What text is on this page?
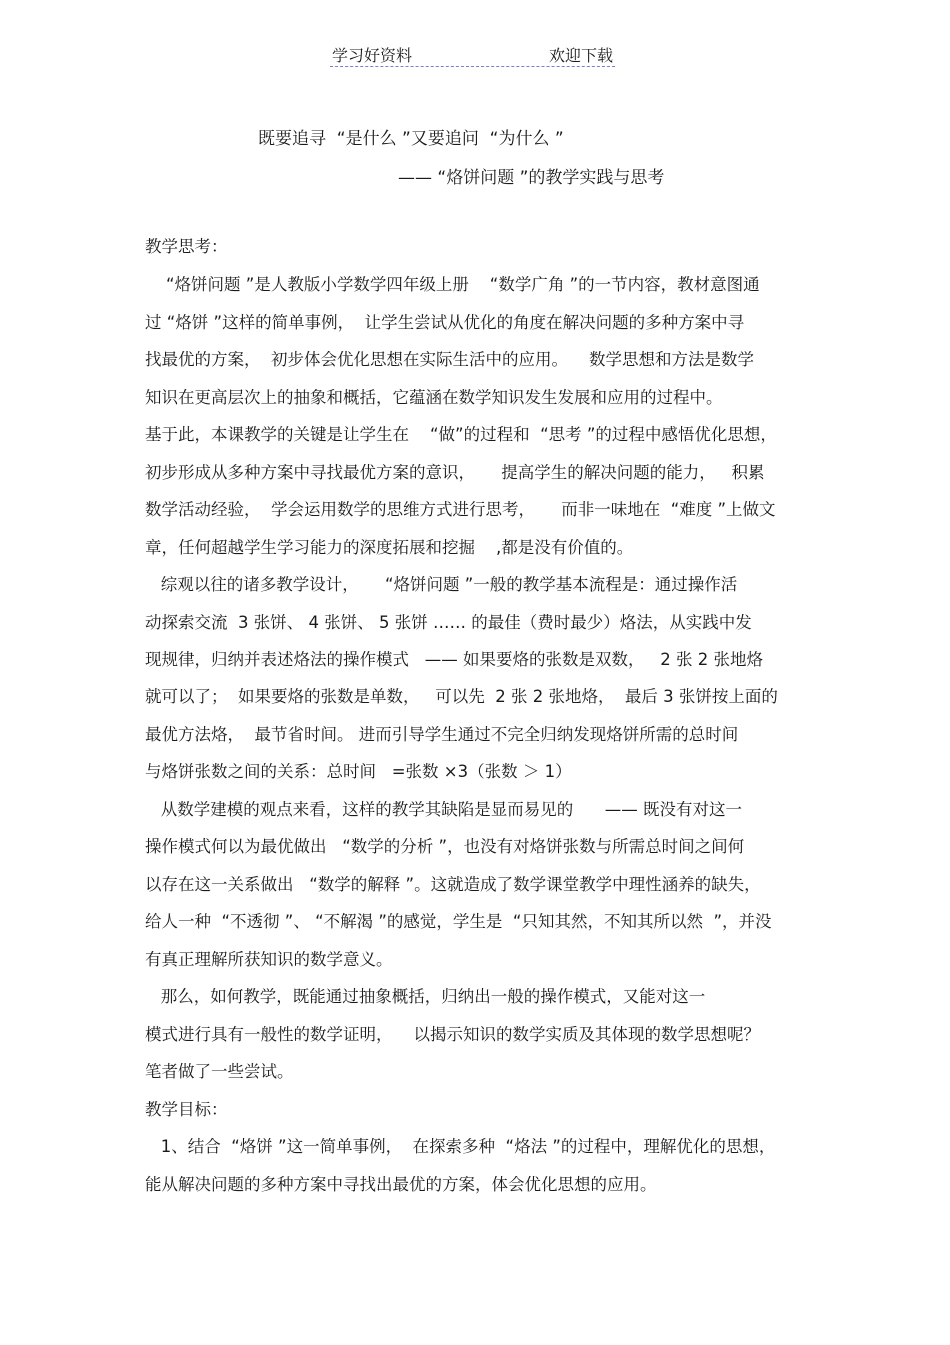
学习好资料	欢迎下载
既要追寻  “是什么 ”又要追问  “为什么 ”
—— “烙饼问题 ”的教学实践与思考
教学思考：
“烙饼问题 ”是人教版小学数学四年级上册    “数学广角 ”的一节内容，教材意图通
过 “烙饼 ”这样的简单事例，  让学生尝试从优化的角度在解决问题的多种方案中寻
找最优的方案，  初步体会优化思想在实际生活中的应用。    数学思想和方法是数学
知识在更高层次上的抽象和概括，它蕴涵在数学知识发生发展和应用的过程中。
基于此，本课教学的关键是让学生在    “做”的过程和  “思考 ”的过程中感悟优化思想，
初步形成从多种方案中寻找最优方案的意识，     提高学生的解决问题的能力，   积累
数学活动经验，  学会运用数学的思维方式进行思考，     而非一味地在  “难度 ”上做文
章，任何超越学生学习能力的深度拓展和挖掘    ,都是没有价值的。
综观以往的诸多教学设计，     “烙饼问题 ”一般的教学基本流程是：通过操作活
动探索交流  3 张饼、 4 张饼、 5 张饼 …… 的最佳（费时最少）烙法，从实践中发
现规律，归纳并表述烙法的操作模式   —— 如果要烙的张数是双数，   2 张 2 张地烙
就可以了；  如果要烙的张数是单数，   可以先  2 张 2 张地烙，  最后 3 张饼按上面的
最优方法烙，  最节省时间。 进而引导学生通过不完全归纳发现烙饼所需的总时间
与烙饼张数之间的关系：总时间   =张数 ×3（张数 ＞ 1）
从数学建模的观点来看，这样的教学其缺陷是显而易见的      —— 既没有对这一
操作模式何以为最优做出   “数学的分析 ”，也没有对烙饼张数与所需总时间之间何
以存在这一关系做出   “数学的解释 ”。这就造成了数学课堂教学中理性涵养的缺失，
给人一种  “不透彻 ”、 “不解渴 ”的感觉，学生是  “只知其然，不知其所以然  ”，并没
有真正理解所获知识的数学意义。
那么，如何教学，既能通过抽象概括，归纳出一般的操作模式，又能对这一
模式进行具有一般性的数学证明，    以揭示知识的数学实质及其体现的数学思想呢？
笔者做了一些尝试。
教学目标：
1、结合  “烙饼 ”这一简单事例，  在探索多种  “烙法 ”的过程中，理解优化的思想，
能从解决问题的多种方案中寻找出最优的方案，体会优化思想的应用。
